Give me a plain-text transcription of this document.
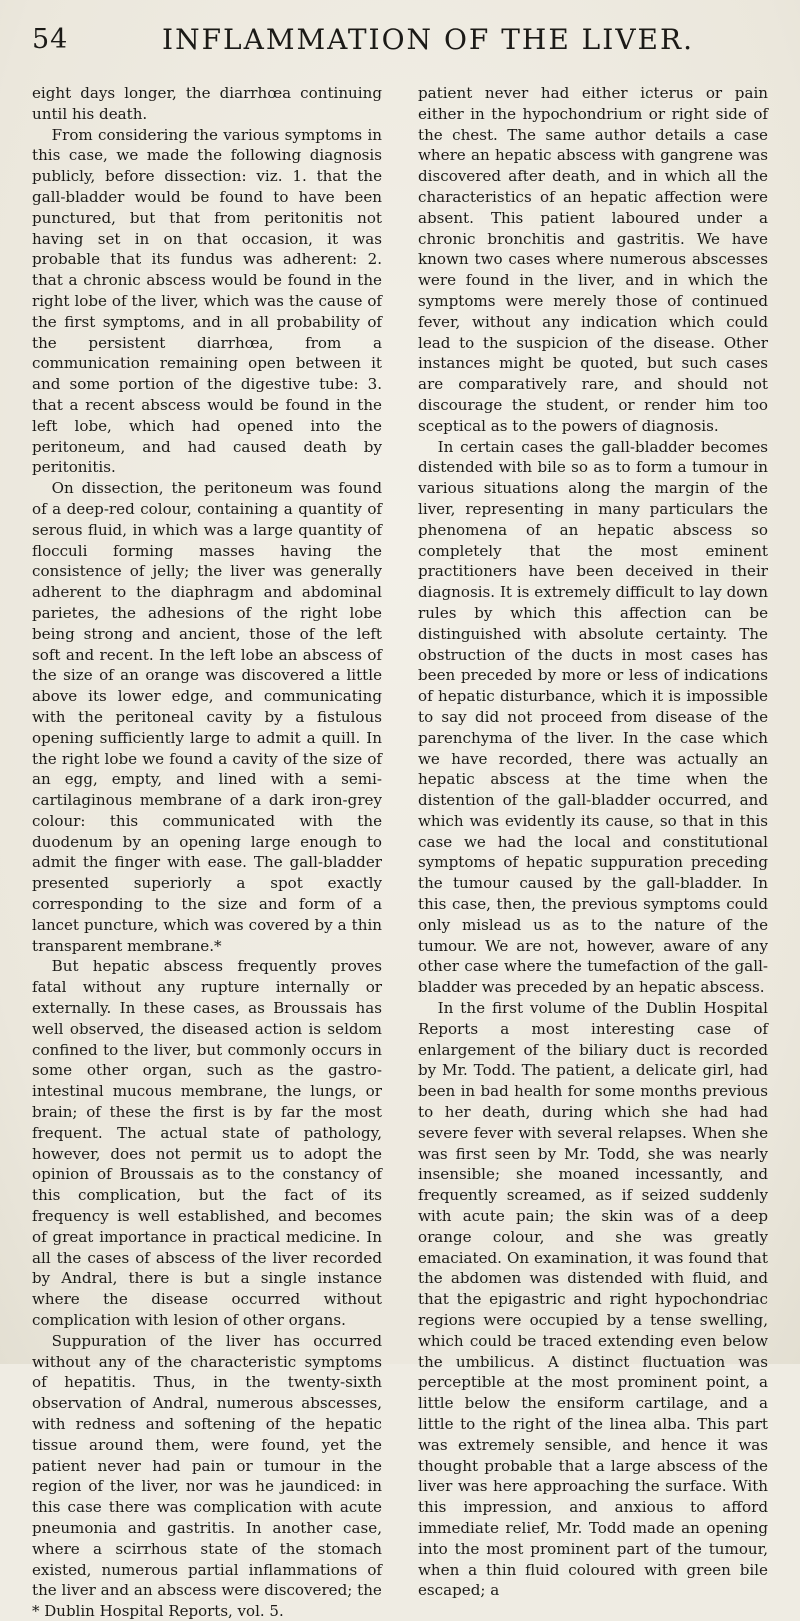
54	INFLAMMATION OF THE LIVER.

eight days longer, the diarrhœa continuing until his death.

From considering the various symptoms in this case, we made the following diagnosis publicly, before dissection: viz. 1. that the gall-bladder would be found to have been punctured, but that from peritonitis not having set in on that occasion, it was probable that its fundus was adherent: 2. that a chronic abscess would be found in the right lobe of the liver, which was the cause of the first symptoms, and in all probability of the persistent diarrhœa, from a communication remaining open between it and some portion of the digestive tube: 3. that a recent abscess would be found in the left lobe, which had opened into the peritoneum, and had caused death by peritonitis.

On dissection, the peritoneum was found of a deep-red colour, containing a quantity of serous fluid, in which was a large quantity of flocculi forming masses having the consistence of jelly; the liver was generally adherent to the diaphragm and abdominal parietes, the adhesions of the right lobe being strong and ancient, those of the left soft and recent. In the left lobe an abscess of the size of an orange was discovered a little above its lower edge, and communicating with the peritoneal cavity by a fistulous opening sufficiently large to admit a quill. In the right lobe we found a cavity of the size of an egg, empty, and lined with a semi-cartilaginous membrane of a dark iron-grey colour: this communicated with the duodenum by an opening large enough to admit the finger with ease. The gall-bladder presented superiorly a spot exactly corresponding to the size and form of a lancet puncture, which was covered by a thin transparent membrane.*

But hepatic abscess frequently proves fatal without any rupture internally or externally. In these cases, as Broussais has well observed, the diseased action is seldom confined to the liver, but commonly occurs in some other organ, such as the gastro-intestinal mucous membrane, the lungs, or brain; of these the first is by far the most frequent. The actual state of pathology, however, does not permit us to adopt the opinion of Broussais as to the constancy of this complication, but the fact of its frequency is well established, and becomes of great importance in practical medicine. In all the cases of abscess of the liver recorded by Andral, there is but a single instance where the disease occurred without complication with lesion of other organs.

Suppuration of the liver has occurred without any of the characteristic symptoms of hepatitis. Thus, in the twenty-sixth observation of Andral, numerous abscesses, with redness and softening of the hepatic tissue around them, were found, yet the patient never had pain or tumour in the region of the liver, nor was he jaundiced: in this case there was complication with acute pneumonia and gastritis. In another case, where a scirrhous state of the stomach existed, numerous partial inflammations of the liver and an abscess were discovered; the

* Dublin Hospital Reports, vol. 5.

patient never had either icterus or pain either in the hypochondrium or right side of the chest. The same author details a case where an hepatic abscess with gangrene was discovered after death, and in which all the characteristics of an hepatic affection were absent. This patient laboured under a chronic bronchitis and gastritis. We have known two cases where numerous abscesses were found in the liver, and in which the symptoms were merely those of continued fever, without any indication which could lead to the suspicion of the disease. Other instances might be quoted, but such cases are comparatively rare, and should not discourage the student, or render him too sceptical as to the powers of diagnosis.

In certain cases the gall-bladder becomes distended with bile so as to form a tumour in various situations along the margin of the liver, representing in many particulars the phenomena of an hepatic abscess so completely that the most eminent practitioners have been deceived in their diagnosis. It is extremely difficult to lay down rules by which this affection can be distinguished with absolute certainty. The obstruction of the ducts in most cases has been preceded by more or less of indications of hepatic disturbance, which it is impossible to say did not proceed from disease of the parenchyma of the liver. In the case which we have recorded, there was actually an hepatic abscess at the time when the distention of the gall-bladder occurred, and which was evidently its cause, so that in this case we had the local and constitutional symptoms of hepatic suppuration preceding the tumour caused by the gall-bladder. In this case, then, the previous symptoms could only mislead us as to the nature of the tumour. We are not, however, aware of any other case where the tumefaction of the gall-bladder was preceded by an hepatic abscess.

In the first volume of the Dublin Hospital Reports a most interesting case of enlargement of the biliary duct is recorded by Mr. Todd. The patient, a delicate girl, had been in bad health for some months previous to her death, during which she had had severe fever with several relapses. When she was first seen by Mr. Todd, she was nearly insensible; she moaned incessantly, and frequently screamed, as if seized suddenly with acute pain; the skin was of a deep orange colour, and she was greatly emaciated. On examination, it was found that the abdomen was distended with fluid, and that the epigastric and right hypochondriac regions were occupied by a tense swelling, which could be traced extending even below the umbilicus. A distinct fluctuation was perceptible at the most prominent point, a little below the ensiform cartilage, and a little to the right of the linea alba. This part was extremely sensible, and hence it was thought probable that a large abscess of the liver was here approaching the surface. With this impression, and anxious to afford immediate relief, Mr. Todd made an opening into the most prominent part of the tumour, when a thin fluid coloured with green bile escaped; a
